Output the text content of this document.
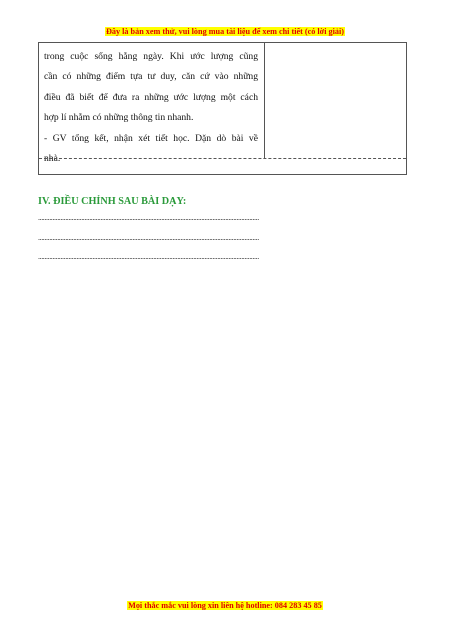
Đây là bản xem thử, vui lòng mua tài liệu để xem chi tiết (có lời giải)

trong cuộc sống hằng ngày. Khi ước lượng cũng

cần có những điểm tựa tư duy, căn cứ vào những

điều đã biết để đưa ra những ước lượng một cách

hợp lí nhằm có những thông tin nhanh.

- GV tổng kết, nhận xét tiết học. Dặn dò bài về

nhà.

IV. ĐIỀU CHỈNH SAU BÀI DẠY:
..........................................................................................................................................
..........................................................................................................................................
..........................................................................................................................................
Mọi thắc mắc vui lòng xin liên hệ hotline: 084 283 45 85
